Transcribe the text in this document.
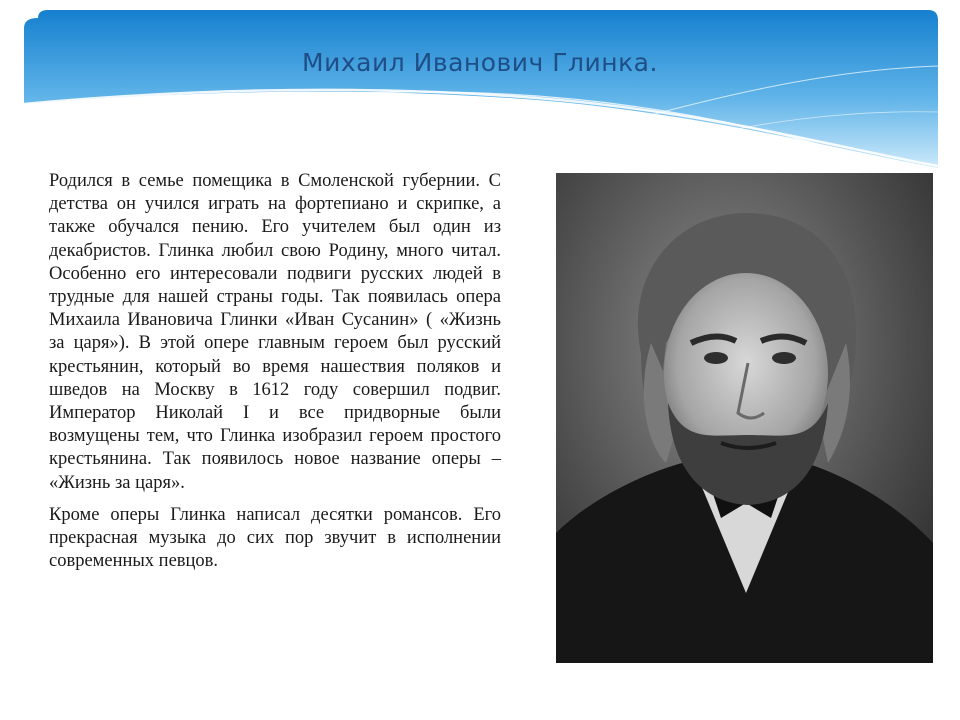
Михаил Иванович Глинка.

Родился в семье помещика в Смоленской губернии. С детства он учился играть на фортепиано и скрипке, а также обучался пению. Его учителем был один из декабристов. Глинка любил свою Родину, много читал. Особенно его интересовали подвиги русских людей в трудные для нашей страны годы. Так появилась опера Михаила Ивановича Глинки «Иван Сусанин» ( «Жизнь за царя»). В этой опере главным героем был русский крестьянин, который во время нашествия поляков и шведов на Москву в 1612 году совершил подвиг. Император Николай I и все придворные были возмущены тем, что Глинка изобразил героем простого крестьянина. Так появилось новое название оперы – «Жизнь за царя».

Кроме оперы Глинка написал десятки романсов. Его прекрасная музыка до сих пор звучит в исполнении современных певцов.
